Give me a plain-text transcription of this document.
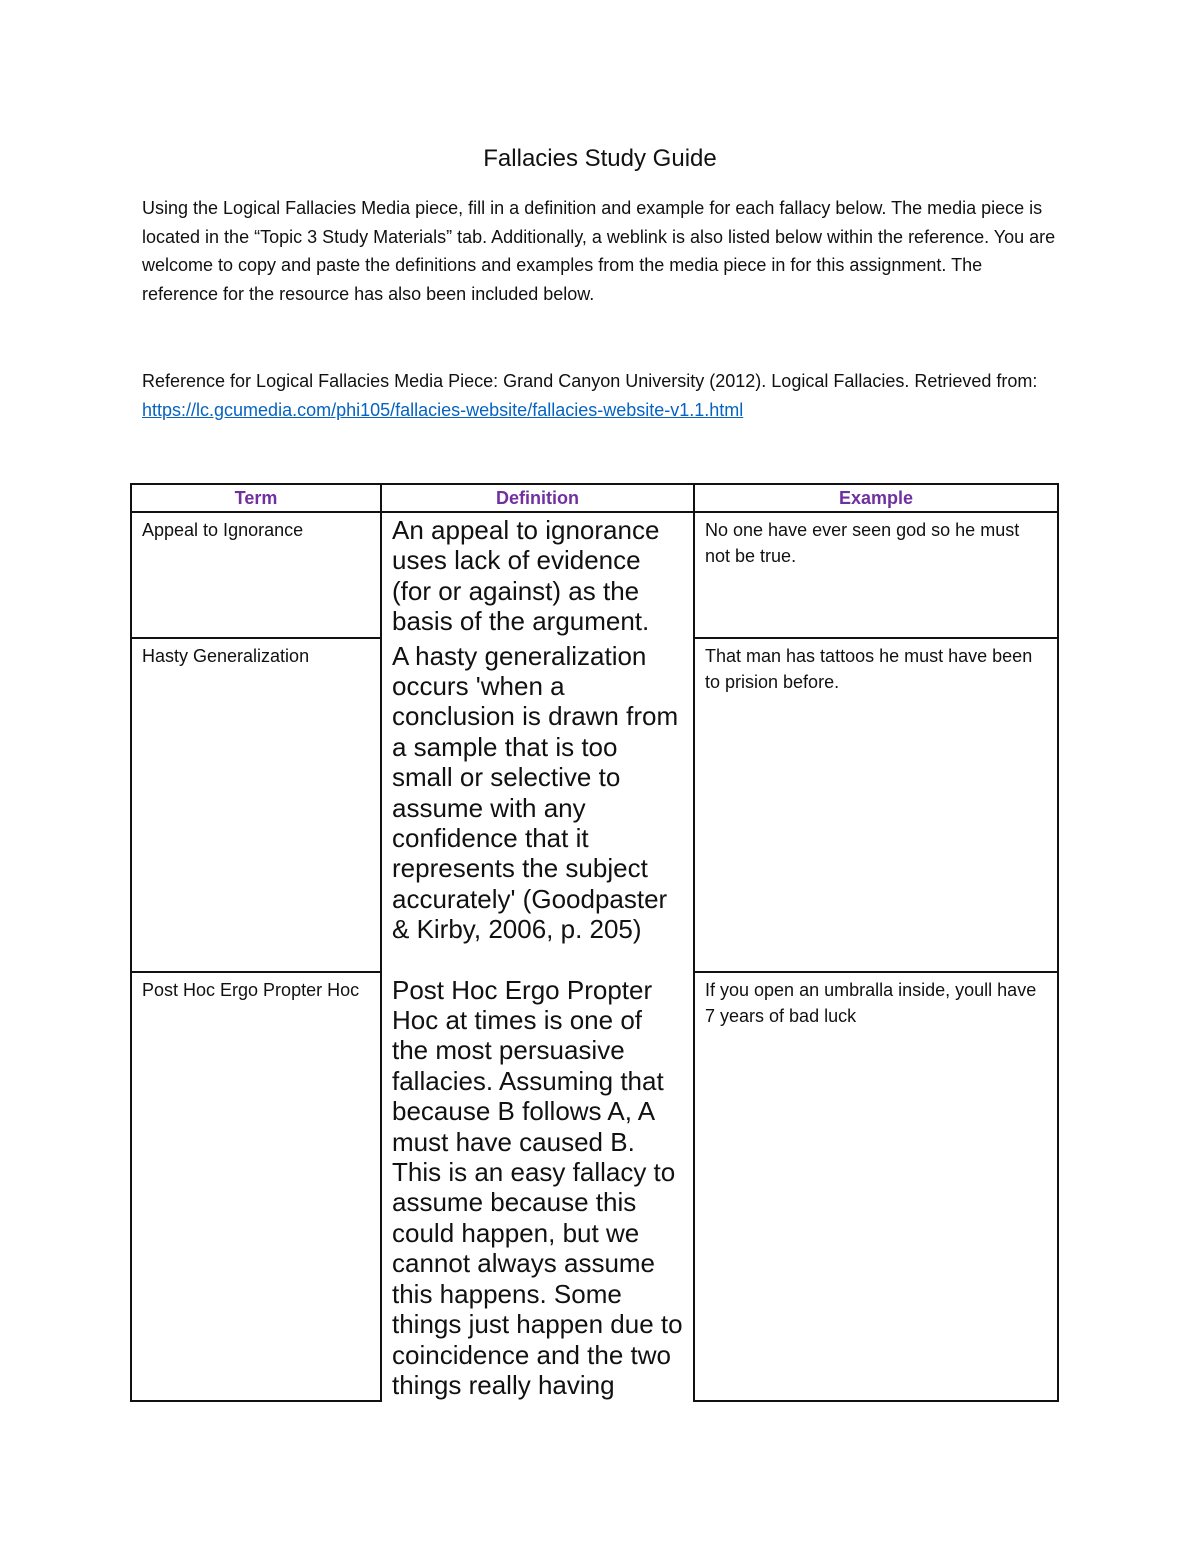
Fallacies Study Guide

Using the Logical Fallacies Media piece, fill in a definition and example for each fallacy below. The media piece is located in the “Topic 3 Study Materials” tab. Additionally, a weblink is also listed below within the reference. You are welcome to copy and paste the definitions and examples from the media piece in for this assignment. The reference for the resource has also been included below.

Reference for Logical Fallacies Media Piece: Grand Canyon University (2012). Logical Fallacies. Retrieved from: https://lc.gcumedia.com/phi105/fallacies-website/fallacies-website-v1.1.html

Term	Definition	Example
Appeal to Ignorance	An appeal to ignorance uses lack of evidence (for or against) as the basis of the argument.	No one have ever seen god so he must not be true.
Hasty Generalization	A hasty generalization occurs 'when a conclusion is drawn from a sample that is too small or selective to assume with any confidence that it represents the subject accurately' (Goodpaster & Kirby, 2006, p. 205)	That man has tattoos he must have been to prision before.
Post Hoc Ergo Propter Hoc	Post Hoc Ergo Propter Hoc at times is one of the most persuasive fallacies. Assuming that because B follows A, A must have caused B. This is an easy fallacy to assume because this could happen, but we cannot always assume this happens. Some things just happen due to coincidence and the two things really having	If you open an umbralla inside, youll have 7 years of bad luck
